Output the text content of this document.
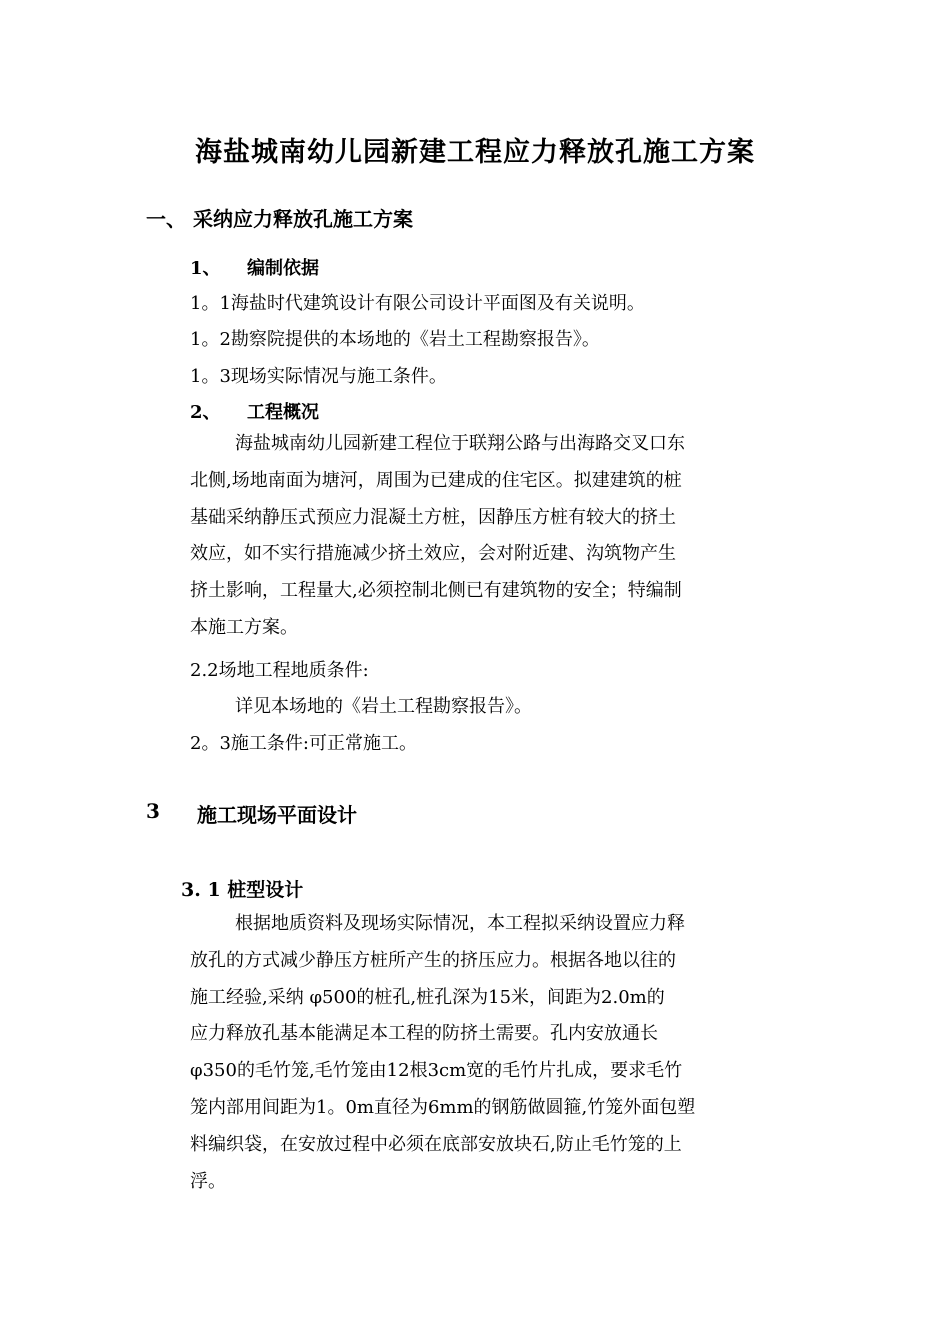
海盐城南幼儿园新建工程应力释放孔施工方案
一、 采纳应力释放孔施工方案
1、 编制依据
1。1海盐时代建筑设计有限公司设计平面图及有关说明。
1。2勘察院提供的本场地的《岩土工程勘察报告》。
1。3现场实际情况与施工条件。
2、 工程概况
海盐城南幼儿园新建工程位于联翔公路与出海路交叉口东
北侧,场地南面为塘河，周围为已建成的住宅区。拟建建筑的桩
基础采纳静压式预应力混凝土方桩，因静压方桩有较大的挤土
效应，如不实行措施减少挤土效应，会对附近建、沟筑物产生
挤土影响，工程量大,必须控制北侧已有建筑物的安全；特编制
本施工方案。
2.2场地工程地质条件:
详见本场地的《岩土工程勘察报告》。
2。3施工条件:可正常施工。
3 施工现场平面设计
3. 1 桩型设计
根据地质资料及现场实际情况，本工程拟采纳设置应力释
放孔的方式减少静压方桩所产生的挤压应力。根据各地以往的
施工经验,采纳 φ500的桩孔,桩孔深为15米，间距为2.0m的
应力释放孔基本能满足本工程的防挤土需要。孔内安放通长
φ350的毛竹笼,毛竹笼由12根3cm宽的毛竹片扎成，要求毛竹
笼内部用间距为1。0m直径为6mm的钢筋做圆箍,竹笼外面包塑
料编织袋，在安放过程中必须在底部安放块石,防止毛竹笼的上
浮。
